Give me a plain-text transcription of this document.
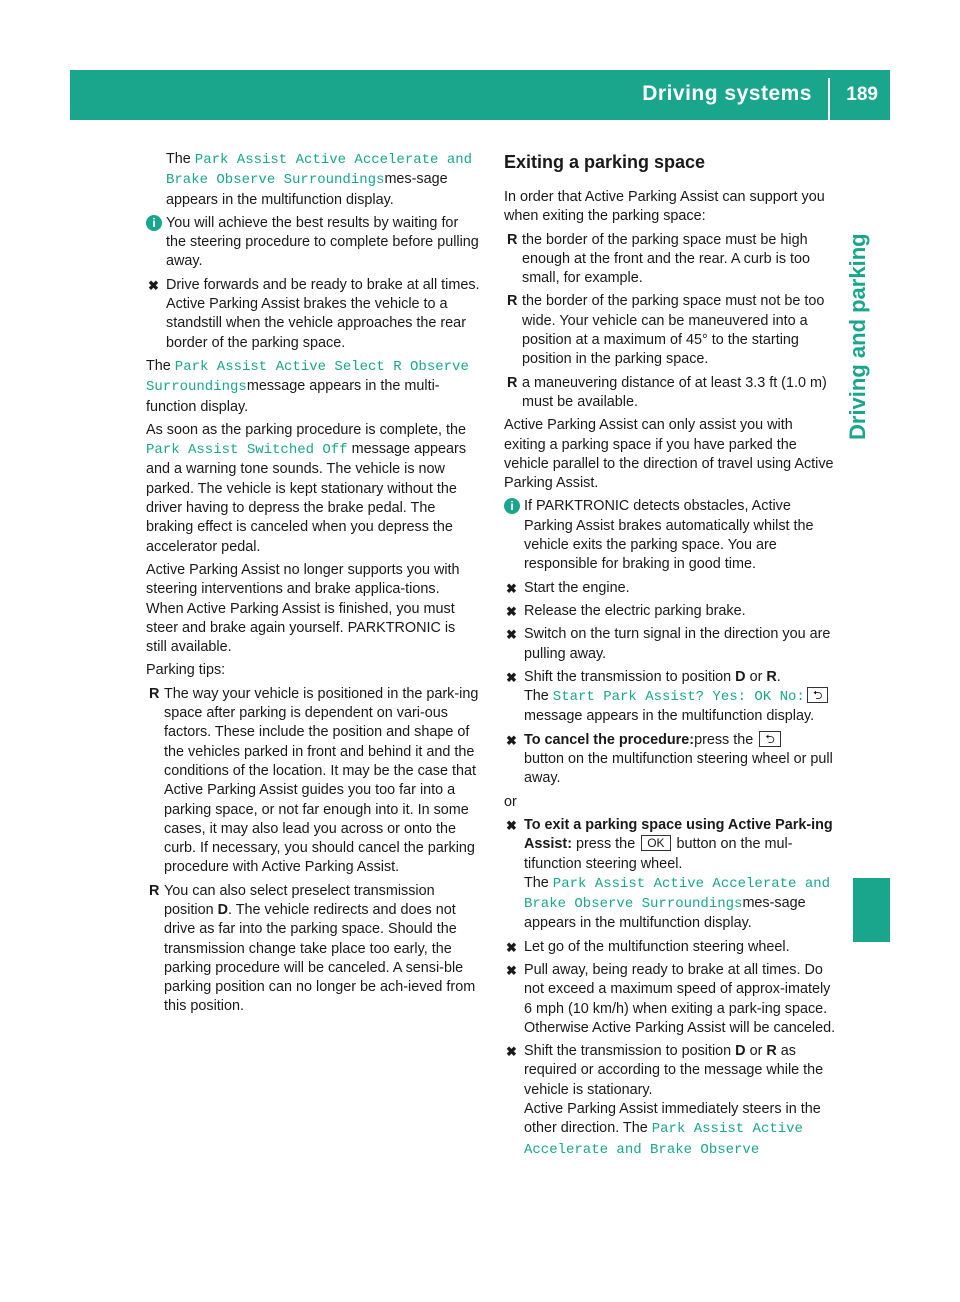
Driving systems 189
Driving and parking

The Park Assist Active Accelerate and Brake Observe Surroundingsmes-sage appears in the multifunction display.

i You will achieve the best results by waiting for the steering procedure to complete before pulling away.
✖ Drive forwards and be ready to brake at all times.
Active Parking Assist brakes the vehicle to a standstill when the vehicle approaches the rear border of the parking space.

The Park Assist Active Select R Observe Surroundingsmessage appears in the multi-function display.

As soon as the parking procedure is complete, the Park Assist Switched Off message appears and a warning tone sounds. The vehicle is now parked. The vehicle is kept stationary without the driver having to depress the brake pedal. The braking effect is canceled when you depress the accelerator pedal.

Active Parking Assist no longer supports you with steering interventions and brake applica-tions. When Active Parking Assist is finished, you must steer and brake again yourself. PARKTRONIC is still available.

Parking tips:

R The way your vehicle is positioned in the park-ing space after parking is dependent on vari-ous factors. These include the position and shape of the vehicles parked in front and behind it and the conditions of the location. It may be the case that Active Parking Assist guides you too far into a parking space, or not far enough into it. In some cases, it may also lead you across or onto the curb. If necessary, you should cancel the parking procedure with Active Parking Assist.
R You can also select preselect transmission position D. The vehicle redirects and does not drive as far into the parking space. Should the transmission change take place too early, the parking procedure will be canceled. A sensi-ble parking position can no longer be ach-ieved from this position.
Exiting a parking space

In order that Active Parking Assist can support you when exiting the parking space:

R the border of the parking space must be high enough at the front and the rear. A curb is too small, for example.
R the border of the parking space must not be too wide. Your vehicle can be maneuvered into a position at a maximum of 45° to the starting position in the parking space.
R a maneuvering distance of at least 3.3 ft (1.0 m) must be available.

Active Parking Assist can only assist you with exiting a parking space if you have parked the vehicle parallel to the direction of travel using Active Parking Assist.

i If PARKTRONIC detects obstacles, Active Parking Assist brakes automatically whilst the vehicle exits the parking space. You are responsible for braking in good time.
✖ Start the engine.
✖ Release the electric parking brake.
✖ Switch on the turn signal in the direction you are pulling away.
✖ Shift the transmission to position D or R.
The Start Park Assist? Yes: OK No: ⮌message appears in the multifunction display.
✖ To cancel the procedure:press the ⮌
button on the multifunction steering wheel or pull away.

or

✖ To exit a parking space using Active Park-ing Assist: press the OK button on the mul-tifunction steering wheel.
The Park Assist Active Accelerate and Brake Observe Surroundingsmes-sage appears in the multifunction display.
✖ Let go of the multifunction steering wheel.
✖ Pull away, being ready to brake at all times. Do not exceed a maximum speed of approx-imately 6 mph (10 km/h) when exiting a park-ing space. Otherwise Active Parking Assist will be canceled.
✖ Shift the transmission to position D or R as required or according to the message while the vehicle is stationary.
Active Parking Assist immediately steers in the other direction. The Park Assist Active Accelerate and Brake Observe
